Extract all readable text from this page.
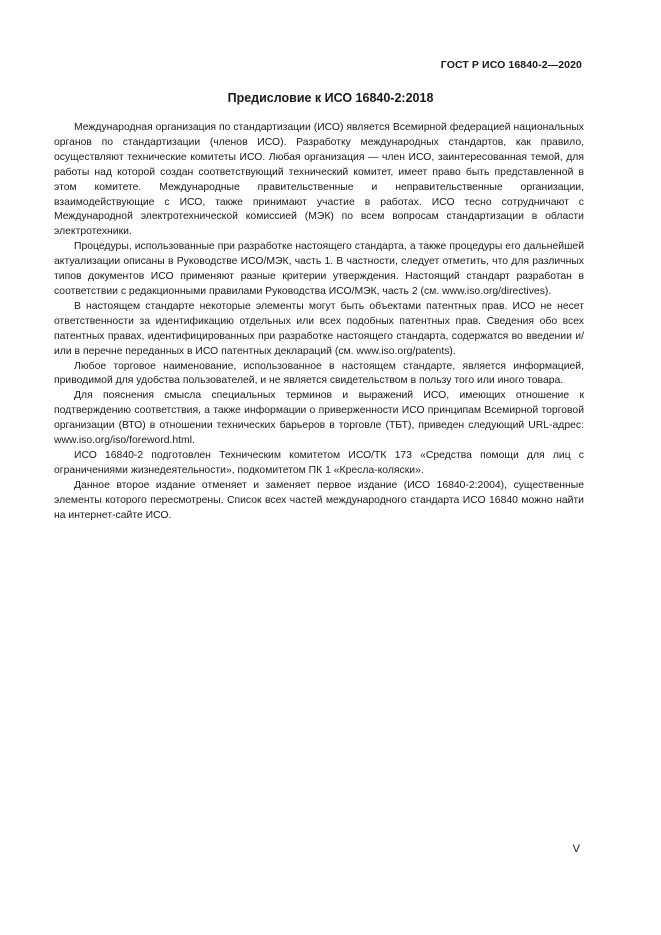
ГОСТ Р ИСО 16840-2—2020
Предисловие к ИСО 16840-2:2018

Международная организация по стандартизации (ИСО) является Всемирной федерацией национальных органов по стандартизации (членов ИСО). Разработку международных стандартов, как правило, осуществляют технические комитеты ИСО. Любая организация — член ИСО, заинтересованная темой, для работы над которой создан соответствующий технический комитет, имеет право быть представленной в этом комитете. Международные правительственные и неправительственные организации, взаимодействующие с ИСО, также принимают участие в работах. ИСО тесно сотрудничают с Международной электротехнической комиссией (МЭК) по всем вопросам стандартизации в области электротехники.

Процедуры, использованные при разработке настоящего стандарта, а также процедуры его дальнейшей актуализации описаны в Руководстве ИСО/МЭК, часть 1. В частности, следует отметить, что для различных типов документов ИСО применяют разные критерии утверждения. Настоящий стандарт разработан в соответствии с редакционными правилами Руководства ИСО/МЭК, часть 2 (см. www.iso.org/directives).

В настоящем стандарте некоторые элементы могут быть объектами патентных прав. ИСО не несет ответственности за идентификацию отдельных или всех подобных патентных прав. Сведения обо всех патентных правах, идентифицированных при разработке настоящего стандарта, содержатся во введении и/или в перечне переданных в ИСО патентных деклараций (см. www.iso.org/patents).

Любое торговое наименование, использованное в настоящем стандарте, является информацией, приводимой для удобства пользователей, и не является свидетельством в пользу того или иного товара.

Для пояснения смысла специальных терминов и выражений ИСО, имеющих отношение к подтверждению соответствия, а также информации о приверженности ИСО принципам Всемирной торговой организации (ВТО) в отношении технических барьеров в торговле (ТБТ), приведен следующий URL-адрес: www.iso.org/iso/foreword.html.

ИСО 16840-2 подготовлен Техническим комитетом ИСО/ТК 173 «Средства помощи для лиц с ограничениями жизнедеятельности», подкомитетом ПК 1 «Кресла-коляски».

Данное второе издание отменяет и заменяет первое издание (ИСО 16840-2:2004), существенные элементы которого пересмотрены. Список всех частей международного стандарта ИСО 16840 можно найти на интернет-сайте ИСО.

V
